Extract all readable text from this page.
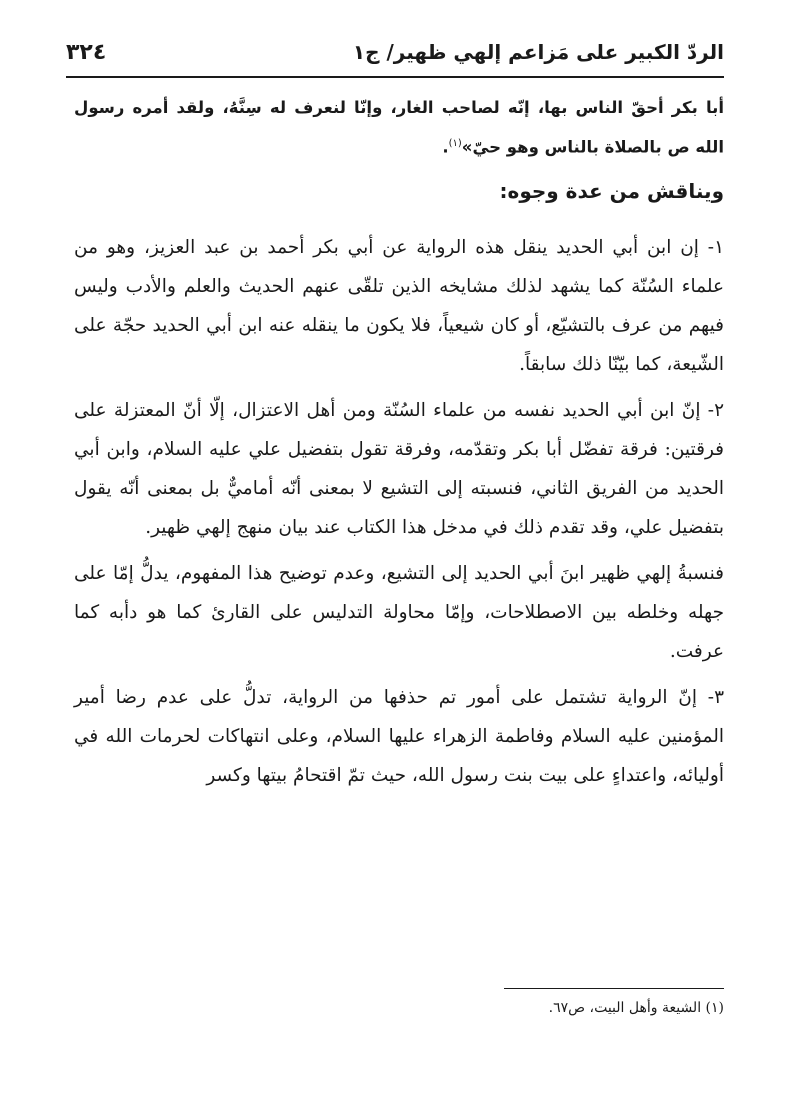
الردّ الكبير على مَزاعم إلهي ظهير/ ج١
٣٢٤

أبا بكر أحقّ الناس بها، إنّه لصاحب الغار، وإنّا لنعرف له سِنَّهُ، ولقد أمره رسول الله ص بالصلاة بالناس وهو حيّ»$^{(١)}$.

ويناقش من عدة وجوه:

١- إن ابن أبي الحديد ينقل هذه الرواية عن أبي بكر أحمد بن عبد العزيز، وهو من علماء السُنّة كما يشهد لذلك مشايخه الذين تلقّى عنهم الحديث والعلم والأدب وليس فيهم من عرف بالتشيّع، أو كان شيعياً، فلا يكون ما ينقله عنه ابن أبي الحديد حجّة على الشّيعة، كما بيّنّا ذلك سابقاً.

٢- إنّ ابن أبي الحديد نفسه من علماء السُنّة ومن أهل الاعتزال، إلّا أنّ المعتزلة على فرقتين: فرقة تفضّل أبا بكر وتقدّمه، وفرقة تقول بتفضيل علي عليه السلام، وابن أبي الحديد من الفريق الثاني، فنسبته إلى التشيع لا بمعنى أنّه أماميٌّ بل بمعنى أنّه يقول بتفضيل علي، وقد تقدم ذلك في مدخل هذا الكتاب عند بيان منهج إلهي ظهير.

فنسبةُ إلهي ظهير ابنَ أبي الحديد إلى التشيع، وعدم توضيح هذا المفهوم، يدلُّ إمّا على جهله وخلطه بين الاصطلاحات، وإمّا محاولة التدليس على القارئ كما هو دأبه كما عرفت.

٣- إنّ الرواية تشتمل على أمور تم حذفها من الرواية، تدلُّ على عدم رضا أمير المؤمنين عليه السلام وفاطمة الزهراء عليها السلام، وعلى انتهاكات لحرمات الله في أوليائه، واعتداءٍ على بيت بنت رسول الله، حيث تمّ اقتحامُ بيتها وكسر

(١) الشيعة وأهل البيت، ص٦٧.
